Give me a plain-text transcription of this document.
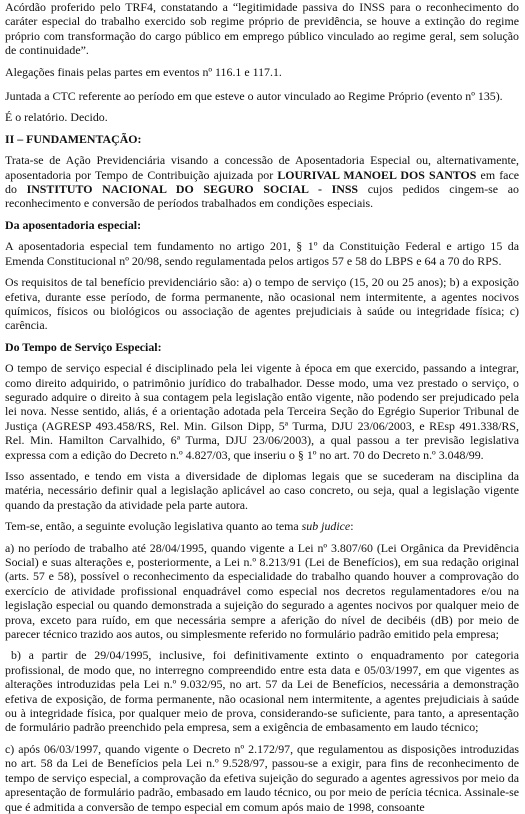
Acórdão proferido pelo TRF4, constatando a “legitimidade passiva do INSS para o reconhecimento do caráter especial do trabalho exercido sob regime próprio de previdência, se houve a extinção do regime próprio com transformação do cargo público em emprego público vinculado ao regime geral, sem solução de continuidade”.

Alegações finais pelas partes em eventos nº 116.1 e 117.1.

Juntada a CTC referente ao período em que esteve o autor vinculado ao Regime Próprio (evento nº 135).

É o relatório. Decido.

II – FUNDAMENTAÇÃO:

Trata-se de Ação Previdenciária visando a concessão de Aposentadoria Especial ou, alternativamente, aposentadoria por Tempo de Contribuição ajuizada por LOURIVAL MANOEL DOS SANTOS em face do INSTITUTO NACIONAL DO SEGURO SOCIAL - INSS cujos pedidos cingem-se ao reconhecimento e conversão de períodos trabalhados em condições especiais.

Da aposentadoria especial:

A aposentadoria especial tem fundamento no artigo 201, § 1º da Constituição Federal e artigo 15 da Emenda Constitucional nº 20/98, sendo regulamentada pelos artigos 57 e 58 do LBPS e 64 a 70 do RPS.

Os requisitos de tal benefício previdenciário são: a) o tempo de serviço (15, 20 ou 25 anos); b) a exposição efetiva, durante esse período, de forma permanente, não ocasional nem intermitente, a agentes nocivos químicos, físicos ou biológicos ou associação de agentes prejudiciais à saúde ou integridade física; c) carência.

Do Tempo de Serviço Especial:

O tempo de serviço especial é disciplinado pela lei vigente à época em que exercido, passando a integrar, como direito adquirido, o patrimônio jurídico do trabalhador. Desse modo, uma vez prestado o serviço, o segurado adquire o direito à sua contagem pela legislação então vigente, não podendo ser prejudicado pela lei nova. Nesse sentido, aliás, é a orientação adotada pela Terceira Seção do Egrégio Superior Tribunal de Justiça (AGRESP 493.458/RS, Rel. Min. Gilson Dipp, 5ª Turma, DJU 23/06/2003, e REsp 491.338/RS, Rel. Min. Hamilton Carvalhido, 6ª Turma, DJU 23/06/2003), a qual passou a ter previsão legislativa expressa com a edição do Decreto n.º 4.827/03, que inseriu o § 1º no art. 70 do Decreto n.º 3.048/99.

Isso assentado, e tendo em vista a diversidade de diplomas legais que se sucederam na disciplina da matéria, necessário definir qual a legislação aplicável ao caso concreto, ou seja, qual a legislação vigente quando da prestação da atividade pela parte autora.

Tem-se, então, a seguinte evolução legislativa quanto ao tema sub judice:

a) no período de trabalho até 28/04/1995, quando vigente a Lei nº 3.807/60 (Lei Orgânica da Previdência Social) e suas alterações e, posteriormente, a Lei n.º 8.213/91 (Lei de Benefícios), em sua redação original (arts. 57 e 58), possível o reconhecimento da especialidade do trabalho quando houver a comprovação do exercício de atividade profissional enquadrável como especial nos decretos regulamentadores e/ou na legislação especial ou quando demonstrada a sujeição do segurado a agentes nocivos por qualquer meio de prova, exceto para ruído, em que necessária sempre a aferição do nível de decibéis (dB) por meio de parecer técnico trazido aos autos, ou simplesmente referido no formulário padrão emitido pela empresa;

b) a partir de 29/04/1995, inclusive, foi definitivamente extinto o enquadramento por categoria profissional, de modo que, no interregno compreendido entre esta data e 05/03/1997, em que vigentes as alterações introduzidas pela Lei n.º 9.032/95, no art. 57 da Lei de Benefícios, necessária a demonstração efetiva de exposição, de forma permanente, não ocasional nem intermitente, a agentes prejudiciais à saúde ou à integridade física, por qualquer meio de prova, considerando-se suficiente, para tanto, a apresentação de formulário padrão preenchido pela empresa, sem a exigência de embasamento em laudo técnico;

c) após 06/03/1997, quando vigente o Decreto nº 2.172/97, que regulamentou as disposições introduzidas no art. 58 da Lei de Benefícios pela Lei n.º 9.528/97, passou-se a exigir, para fins de reconhecimento de tempo de serviço especial, a comprovação da efetiva sujeição do segurado a agentes agressivos por meio da apresentação de formulário padrão, embasado em laudo técnico, ou por meio de perícia técnica. Assinale-se que é admitida a conversão de tempo especial em comum após maio de 1998, consoante
